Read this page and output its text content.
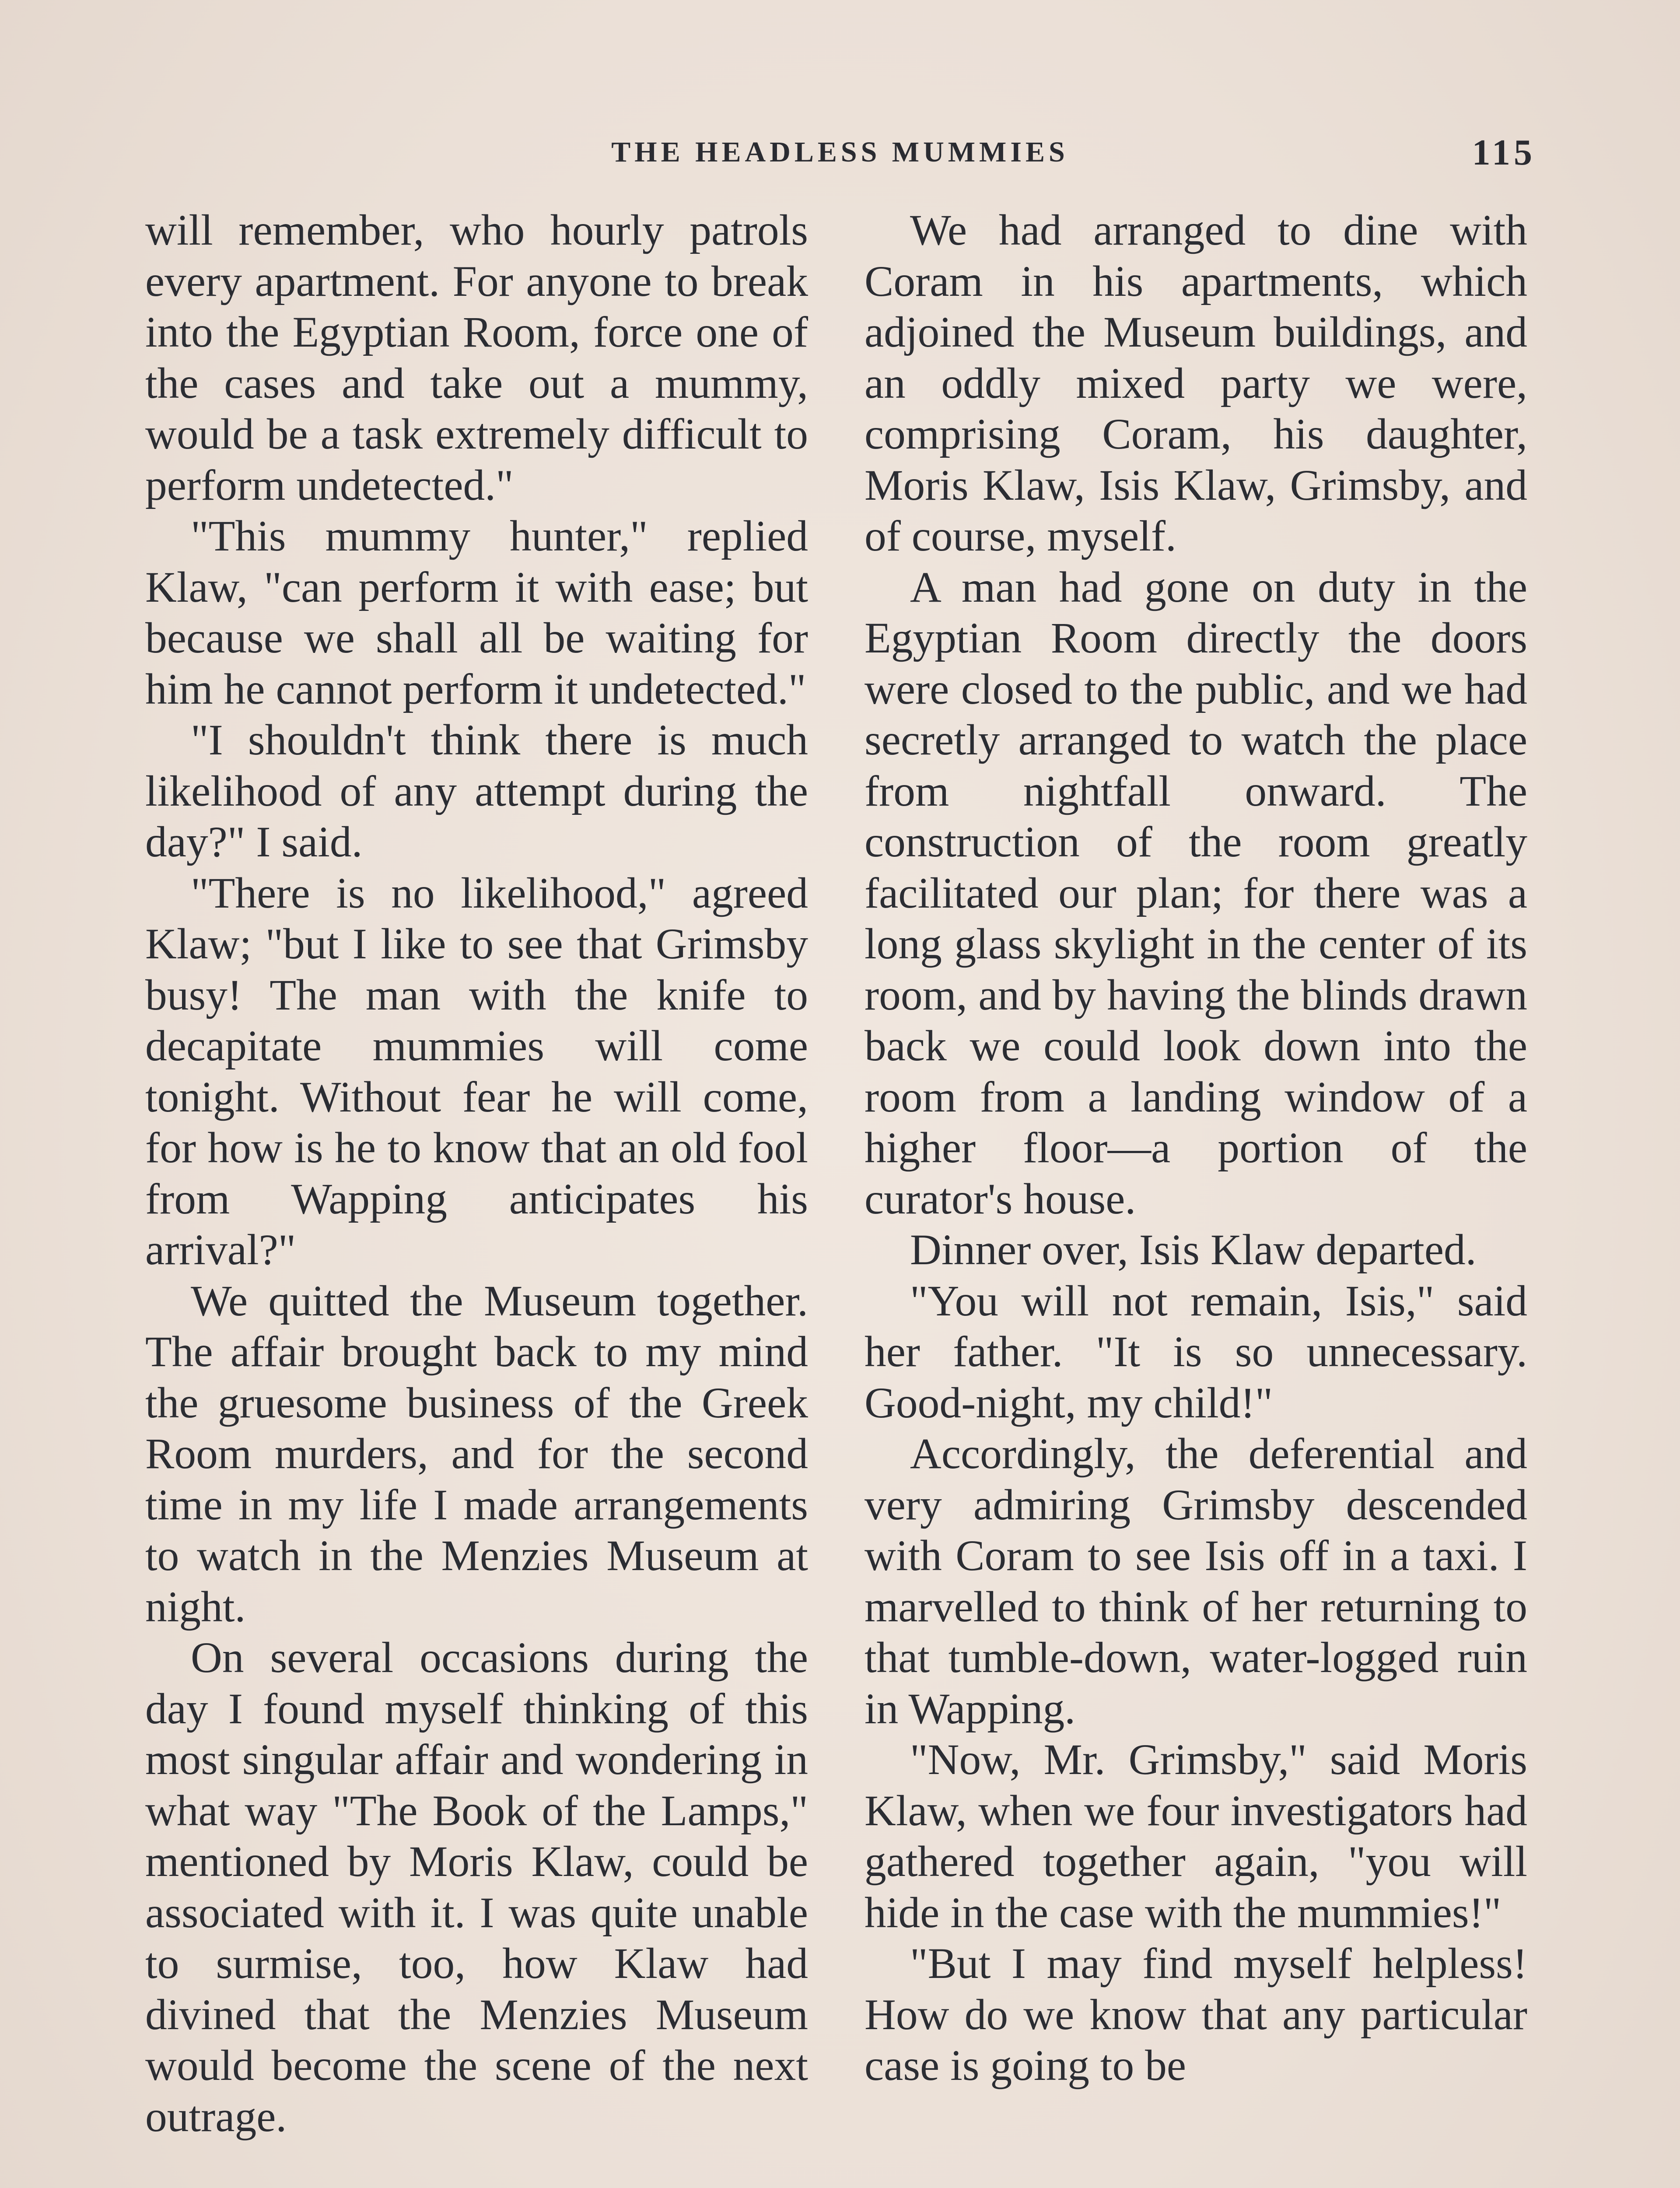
THE HEADLESS MUMMIES	115

will remember, who hourly patrols every apartment. For anyone to break into the Egyptian Room, force one of the cases and take out a mummy, would be a task extremely difficult to perform undetected."

"This mummy hunter," replied Klaw, "can perform it with ease; but because we shall all be waiting for him he cannot perform it undetected."

"I shouldn't think there is much likelihood of any attempt during the day?" I said.

"There is no likelihood," agreed Klaw; "but I like to see that Grimsby busy! The man with the knife to decapitate mummies will come tonight. Without fear he will come, for how is he to know that an old fool from Wapping anticipates his arrival?"

We quitted the Museum together. The affair brought back to my mind the gruesome business of the Greek Room murders, and for the second time in my life I made arrangements to watch in the Menzies Museum at night.

On several occasions during the day I found myself thinking of this most singular affair and wondering in what way "The Book of the Lamps," mentioned by Moris Klaw, could be associated with it. I was quite unable to surmise, too, how Klaw had divined that the Menzies Museum would become the scene of the next outrage.

We had arranged to dine with Coram in his apartments, which adjoined the Museum buildings, and an oddly mixed party we were, comprising Coram, his daughter, Moris Klaw, Isis Klaw, Grimsby, and of course, myself.

A man had gone on duty in the Egyptian Room directly the doors were closed to the public, and we had secretly arranged to watch the place from nightfall onward. The construction of the room greatly facilitated our plan; for there was a long glass skylight in the center of its room, and by having the blinds drawn back we could look down into the room from a landing window of a higher floor—a portion of the curator's house.

Dinner over, Isis Klaw departed.

"You will not remain, Isis," said her father. "It is so unnecessary. Good-night, my child!"

Accordingly, the deferential and very admiring Grimsby descended with Coram to see Isis off in a taxi. I marvelled to think of her returning to that tumble-down, water-logged ruin in Wapping.

"Now, Mr. Grimsby," said Moris Klaw, when we four investigators had gathered together again, "you will hide in the case with the mummies!"

"But I may find myself helpless! How do we know that any particular case is going to be
